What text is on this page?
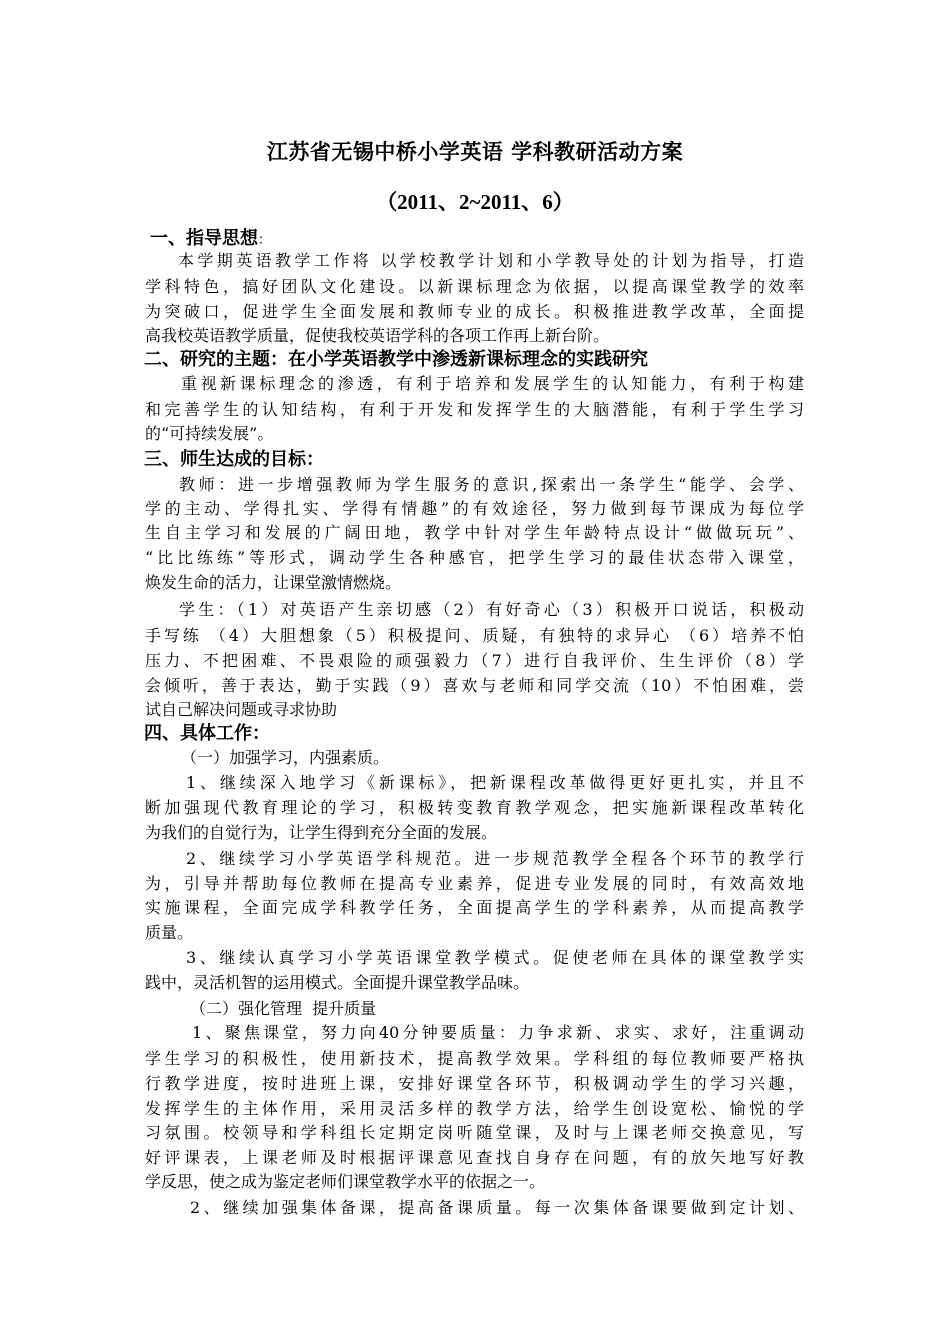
江苏省无锡中桥小学英语 学科教研活动方案
（2011、2~2011、6）
一、指导思想：
本学期英语教学工作将 以学校教学计划和小学教导处的计划为指导，打造
学科特色，搞好团队文化建设。以新课标理念为依据，以提高课堂教学的效率
为突破口，促进学生全面发展和教师专业的成长。积极推进教学改革，全面提
高我校英语教学质量，促使我校英语学科的各项工作再上新台阶。
二、研究的主题：在小学英语教学中渗透新课标理念的实践研究
重视新课标理念的渗透，有利于培养和发展学生的认知能力，有利于构建
和完善学生的认知结构，有利于开发和发挥学生的大脑潜能，有利于学生学习
的“可持续发展”。
三、师生达成的目标：
教师：进一步增强教师为学生服务的意识,探索出一条学生“能学、会学、
学的主动、学得扎实、学得有情趣”的有效途径，努力做到每节课成为每位学
生自主学习和发展的广阔田地，教学中针对学生年龄特点设计“做做玩玩”、
“比比练练”等形式，调动学生各种感官，把学生学习的最佳状态带入课堂，
焕发生命的活力，让课堂激情燃烧。
学生：（1）对英语产生亲切感（2）有好奇心（3）积极开口说话，积极动
手写练 （4）大胆想象（5）积极提问、质疑，有独特的求异心 （6）培养不怕
压力、不把困难、不畏艰险的顽强毅力（7）进行自我评价、生生评价（8）学
会倾听，善于表达，勤于实践（9）喜欢与老师和同学交流（10）不怕困难，尝
试自己解决问题或寻求协助
四、具体工作：
（一）加强学习，内强素质。
1、继续深入地学习《新课标》，把新课程改革做得更好更扎实，并且不
断加强现代教育理论的学习，积极转变教育教学观念，把实施新课程改革转化
为我们的自觉行为，让学生得到充分全面的发展。
2、继续学习小学英语学科规范。进一步规范教学全程各个环节的教学行
为，引导并帮助每位教师在提高专业素养，促进专业发展的同时，有效高效地
实施课程，全面完成学科教学任务，全面提高学生的学科素养，从而提高教学
质量。
3、继续认真学习小学英语课堂教学模式。促使老师在具体的课堂教学实
践中，灵活机智的运用模式。全面提升课堂教学品味。
（二）强化管理  提升质量
1、聚焦课堂，努力向40分钟要质量：力争求新、求实、求好，注重调动
学生学习的积极性，使用新技术，提高教学效果。学科组的每位教师要严格执
行教学进度，按时进班上课，安排好课堂各环节，积极调动学生的学习兴趣，
发挥学生的主体作用，采用灵活多样的教学方法，给学生创设宽松、愉悦的学
习氛围。校领导和学科组长定期定岗听随堂课，及时与上课老师交换意见，写
好评课表，上课老师及时根据评课意见查找自身存在问题，有的放矢地写好教
学反思，使之成为鉴定老师们课堂教学水平的依据之一。
2、继续加强集体备课，提高备课质量。每一次集体备课要做到定计划、
